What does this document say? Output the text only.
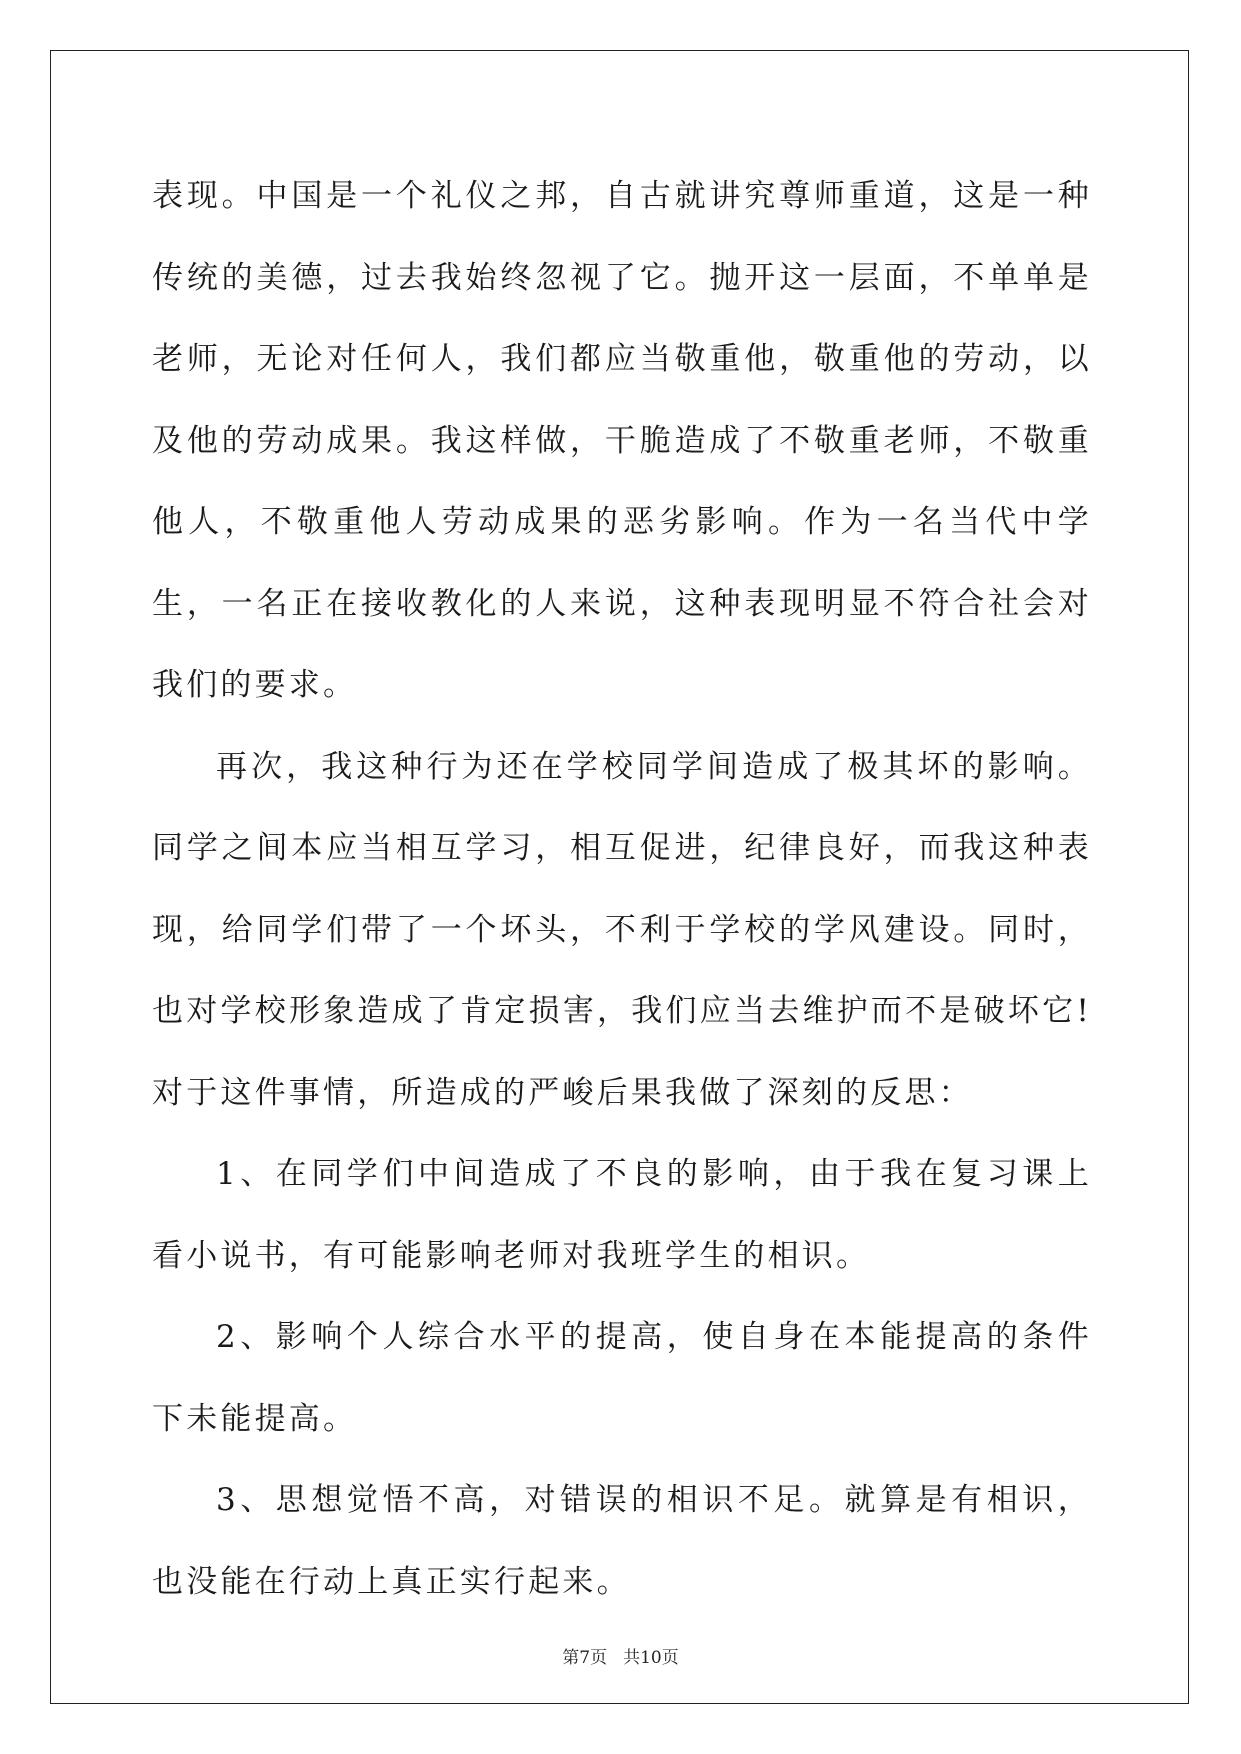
表现。中国是一个礼仪之邦，自古就讲究尊师重道，这是一种传统的美德，过去我始终忽视了它。抛开这一层面，不单单是老师，无论对任何人，我们都应当敬重他，敬重他的劳动，以及他的劳动成果。我这样做，干脆造成了不敬重老师，不敬重他人，不敬重他人劳动成果的恶劣影响。作为一名当代中学生，一名正在接收教化的人来说，这种表现明显不符合社会对我们的要求。

再次，我这种行为还在学校同学间造成了极其坏的影响。同学之间本应当相互学习，相互促进，纪律良好，而我这种表现，给同学们带了一个坏头，不利于学校的学风建设。同时，也对学校形象造成了肯定损害，我们应当去维护而不是破坏它!对于这件事情，所造成的严峻后果我做了深刻的反思：

1、在同学们中间造成了不良的影响，由于我在复习课上看小说书，有可能影响老师对我班学生的相识。

2、影响个人综合水平的提高，使自身在本能提高的条件下未能提高。

3、思想觉悟不高，对错误的相识不足。就算是有相识，也没能在行动上真正实行起来。

第7页 共10页
